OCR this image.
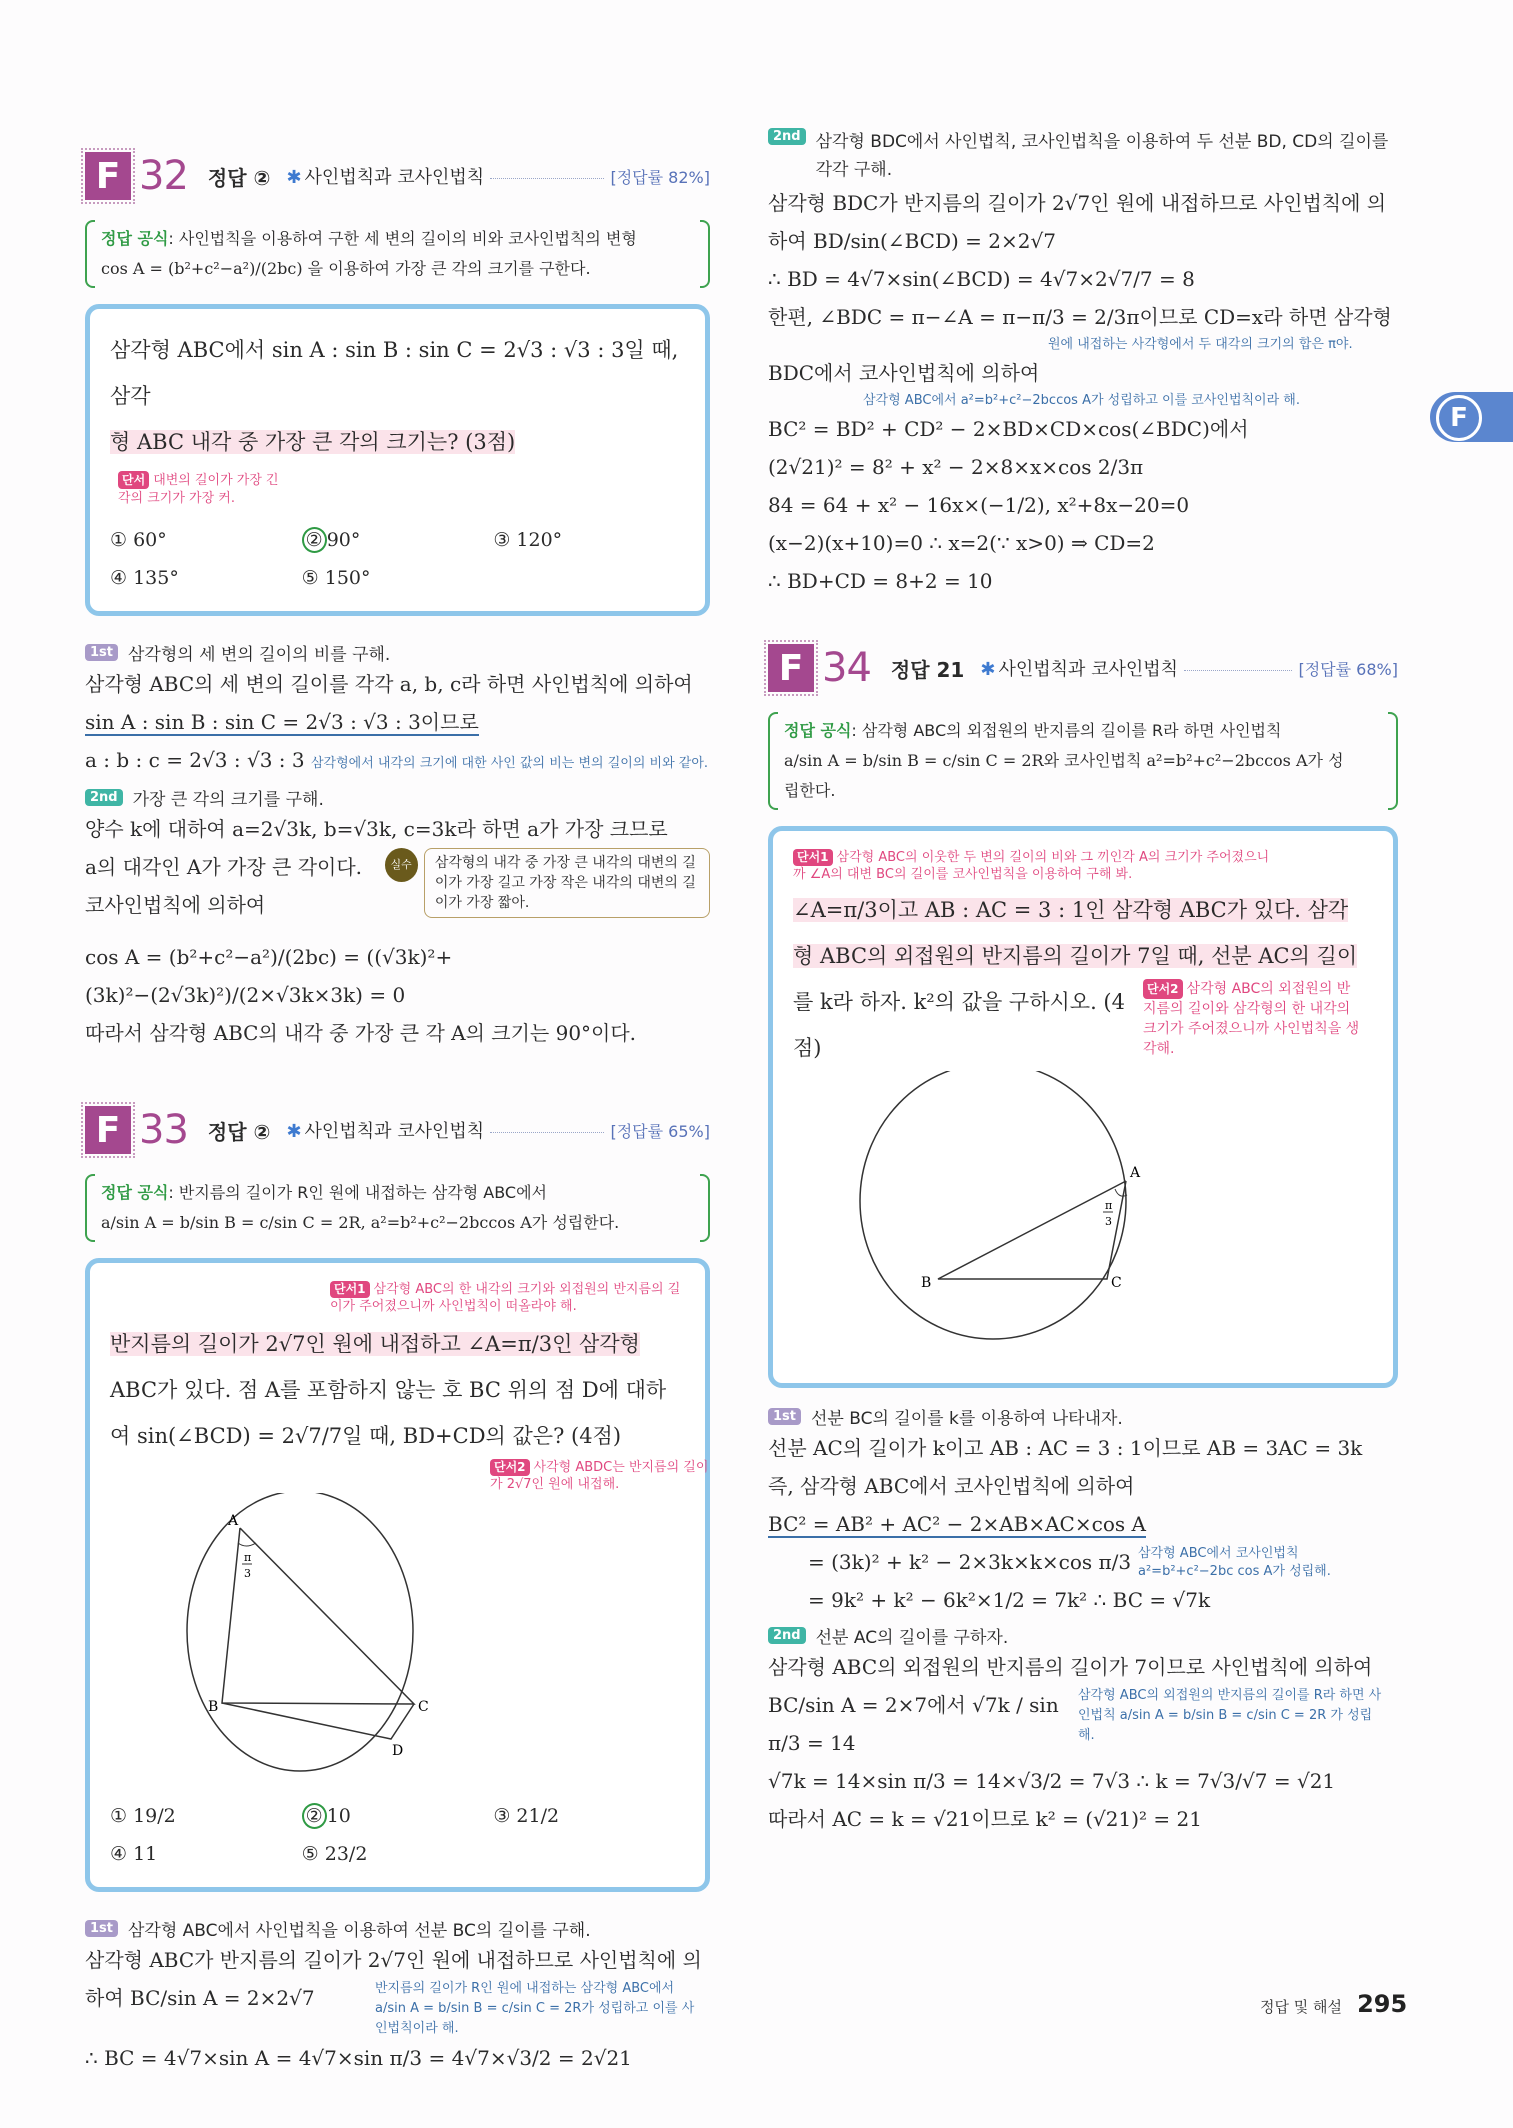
F
F 32 정답 ② ✱ 사인법칙과 코사인법칙	[정답률 82%]
정답 공식: 사인법칙을 이용하여 구한 세 변의 길이의 비와 코사인법칙의 변형
cos A = (b²+c²−a²)/(2bc) 을 이용하여 가장 큰 각의 크기를 구한다.
삼각형 ABC에서 sin A : sin B : sin C = 2√3 : √3 : 3일 때, 삼각
형 ABC 내각 중 가장 큰 각의 크기는? (3점) 단서 대변의 길이가 가장 긴 각의 크기가 가장 커.
① 60°	② 90°	③ 120°
④ 135°	⑤ 150°
1st 삼각형의 세 변의 길이의 비를 구해.
삼각형 ABC의 세 변의 길이를 각각 a, b, c라 하면 사인법칙에 의하여
sin A : sin B : sin C = 2√3 : √3 : 3이므로
a : b : c = 2√3 : √3 : 3 삼각형에서 내각의 크기에 대한 사인 값의 비는 변의 길이의 비와 같아.
2nd 가장 큰 각의 크기를 구해.
양수 k에 대하여 a=2√3k, b=√3k, c=3k라 하면 a가 가장 크므로
a의 대각인 A가 가장 큰 각이다.
코사인법칙에 의하여
실수	삼각형의 내각 중 가장 큰 내각의 대변의 길이가 가장 길고 가장 작은 내각의 대변의 길이가 가장 짧아.
cos A = (b²+c²−a²)/(2bc) = ((√3k)²+(3k)²−(2√3k)²)/(2×√3k×3k) = 0
따라서 삼각형 ABC의 내각 중 가장 큰 각 A의 크기는 90°이다.
F 33 정답 ② ✱ 사인법칙과 코사인법칙	[정답률 65%]
정답 공식: 반지름의 길이가 R인 원에 내접하는 삼각형 ABC에서
a/sin A = b/sin B = c/sin C = 2R, a²=b²+c²−2bccos A가 성립한다.
단서1 삼각형 ABC의 한 내각의 크기와 외접원의 반지름의 길이가 주어졌으니까 사인법칙이 떠올라야 해.
반지름의 길이가 2√7인 원에 내접하고 ∠A=π/3인 삼각형
ABC가 있다. 점 A를 포함하지 않는 호 BC 위의 점 D에 대하
여 sin(∠BCD) = 2√7/7일 때, BD+CD의 값은? (4점)
단서2 사각형 ABDC는 반지름의 길이가 2√7인 원에 내접해.
A
B	C
D
π
3
① 19/2	② 10	③ 21/2
④ 11	⑤ 23/2
1st 삼각형 ABC에서 사인법칙을 이용하여 선분 BC의 길이를 구해.
삼각형 ABC가 반지름의 길이가 2√7인 원에 내접하므로 사인법칙에 의
하여 BC/sin A = 2×2√7	반지름의 길이가 R인 원에 내접하는 삼각형 ABC에서 a/sin A = b/sin B = c/sin C = 2R가 성립하고 이를 사인법칙이라 해.
∴ BC = 4√7×sin A = 4√7×sin π/3 = 4√7×√3/2 = 2√21
2nd 삼각형 BDC에서 사인법칙, 코사인법칙을 이용하여 두 선분 BD, CD의 길이를 각각 구해.
삼각형 BDC가 반지름의 길이가 2√7인 원에 내접하므로 사인법칙에 의
하여 BD/sin(∠BCD) = 2×2√7
∴ BD = 4√7×sin(∠BCD) = 4√7×2√7/7 = 8
한편, ∠BDC = π−∠A = π−π/3 = 2/3π이므로 CD=x라 하면 삼각형
원에 내접하는 사각형에서 두 대각의 크기의 합은 π야.
BDC에서 코사인법칙에 의하여
삼각형 ABC에서 a²=b²+c²−2bccos A가 성립하고 이를 코사인법칙이라 해.
BC² = BD² + CD² − 2×BD×CD×cos(∠BDC)에서
(2√21)² = 8² + x² − 2×8×x×cos 2/3π
84 = 64 + x² − 16x×(−1/2), x²+8x−20=0
(x−2)(x+10)=0 ∴ x=2(∵ x>0) ⇒ CD=2
∴ BD+CD = 8+2 = 10
F 34 정답 21 ✱ 사인법칙과 코사인법칙	[정답률 68%]
정답 공식: 삼각형 ABC의 외접원의 반지름의 길이를 R라 하면 사인법칙
a/sin A = b/sin B = c/sin C = 2R와 코사인법칙 a²=b²+c²−2bccos A가 성
립한다.
단서1 삼각형 ABC의 이웃한 두 변의 길이의 비와 그 끼인각 A의 크기가 주어졌으니까 ∠A의 대변 BC의 길이를 코사인법칙을 이용하여 구해 봐.
∠A=π/3이고 AB : AC = 3 : 1인 삼각형 ABC가 있다. 삼각
형 ABC의 외접원의 반지름의 길이가 7일 때, 선분 AC의 길이
를 k라 하자. k²의 값을 구하시오. (4점)
단서2 삼각형 ABC의 외접원의 반지름의 길이와 삼각형의 한 내각의 크기가 주어졌으니까 사인법칙을 생각해.
A
B	C
π
3
1st 선분 BC의 길이를 k를 이용하여 나타내자.
선분 AC의 길이가 k이고 AB : AC = 3 : 1이므로 AB = 3AC = 3k
즉, 삼각형 ABC에서 코사인법칙에 의하여
BC² = AB² + AC² − 2×AB×AC×cos A
= (3k)² + k² − 2×3k×k×cos π/3 삼각형 ABC에서 코사인법칙 a²=b²+c²−2bc cos A가 성립해.
= 9k² + k² − 6k²×1/2 = 7k² ∴ BC = √7k
2nd 선분 AC의 길이를 구하자.
삼각형 ABC의 외접원의 반지름의 길이가 7이므로 사인법칙에 의하여
BC/sin A = 2×7에서 √7k / sin π/3 = 14
삼각형 ABC의 외접원의 반지름의 길이를 R라 하면 사인법칙 a/sin A = b/sin B = c/sin C = 2R 가 성립해.
√7k = 14×sin π/3 = 14×√3/2 = 7√3 ∴ k = 7√3/√7 = √21
따라서 AC = k = √21이므로 k² = (√21)² = 21
정답 및 해설 295
